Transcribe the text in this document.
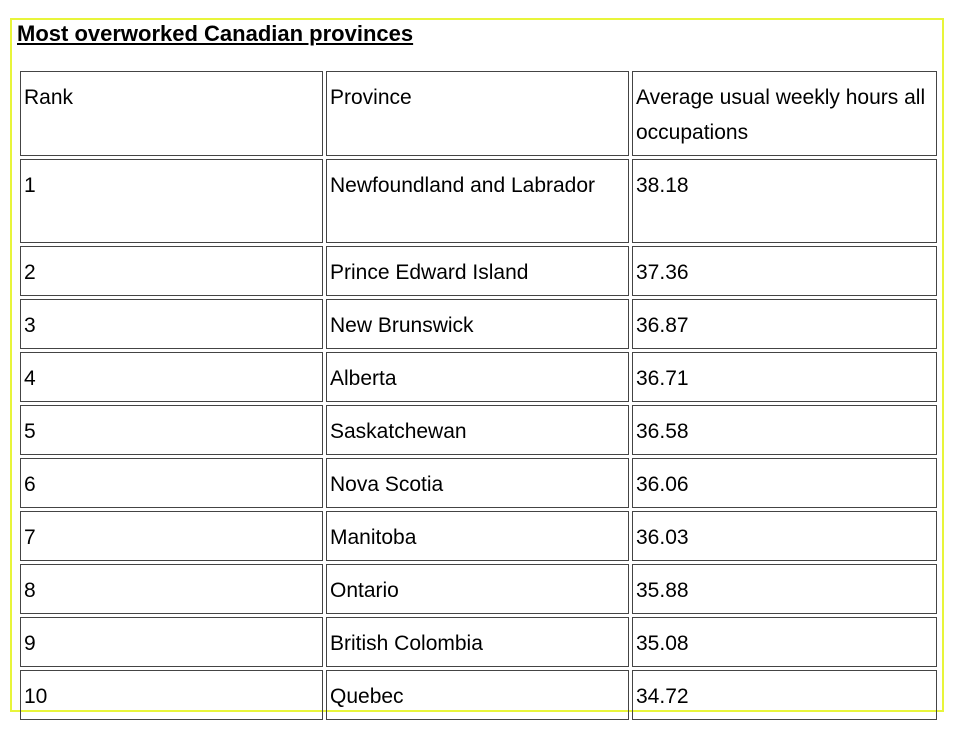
Most overworked Canadian provinces
Rank	Province	Average usual weekly hours all occupations
1	Newfoundland and Labrador	38.18
2	Prince Edward Island	37.36
3	New Brunswick	36.87
4	Alberta	36.71
5	Saskatchewan	36.58
6	Nova Scotia	36.06
7	Manitoba	36.03
8	Ontario	35.88
9	British Colombia	35.08
10	Quebec	34.72
